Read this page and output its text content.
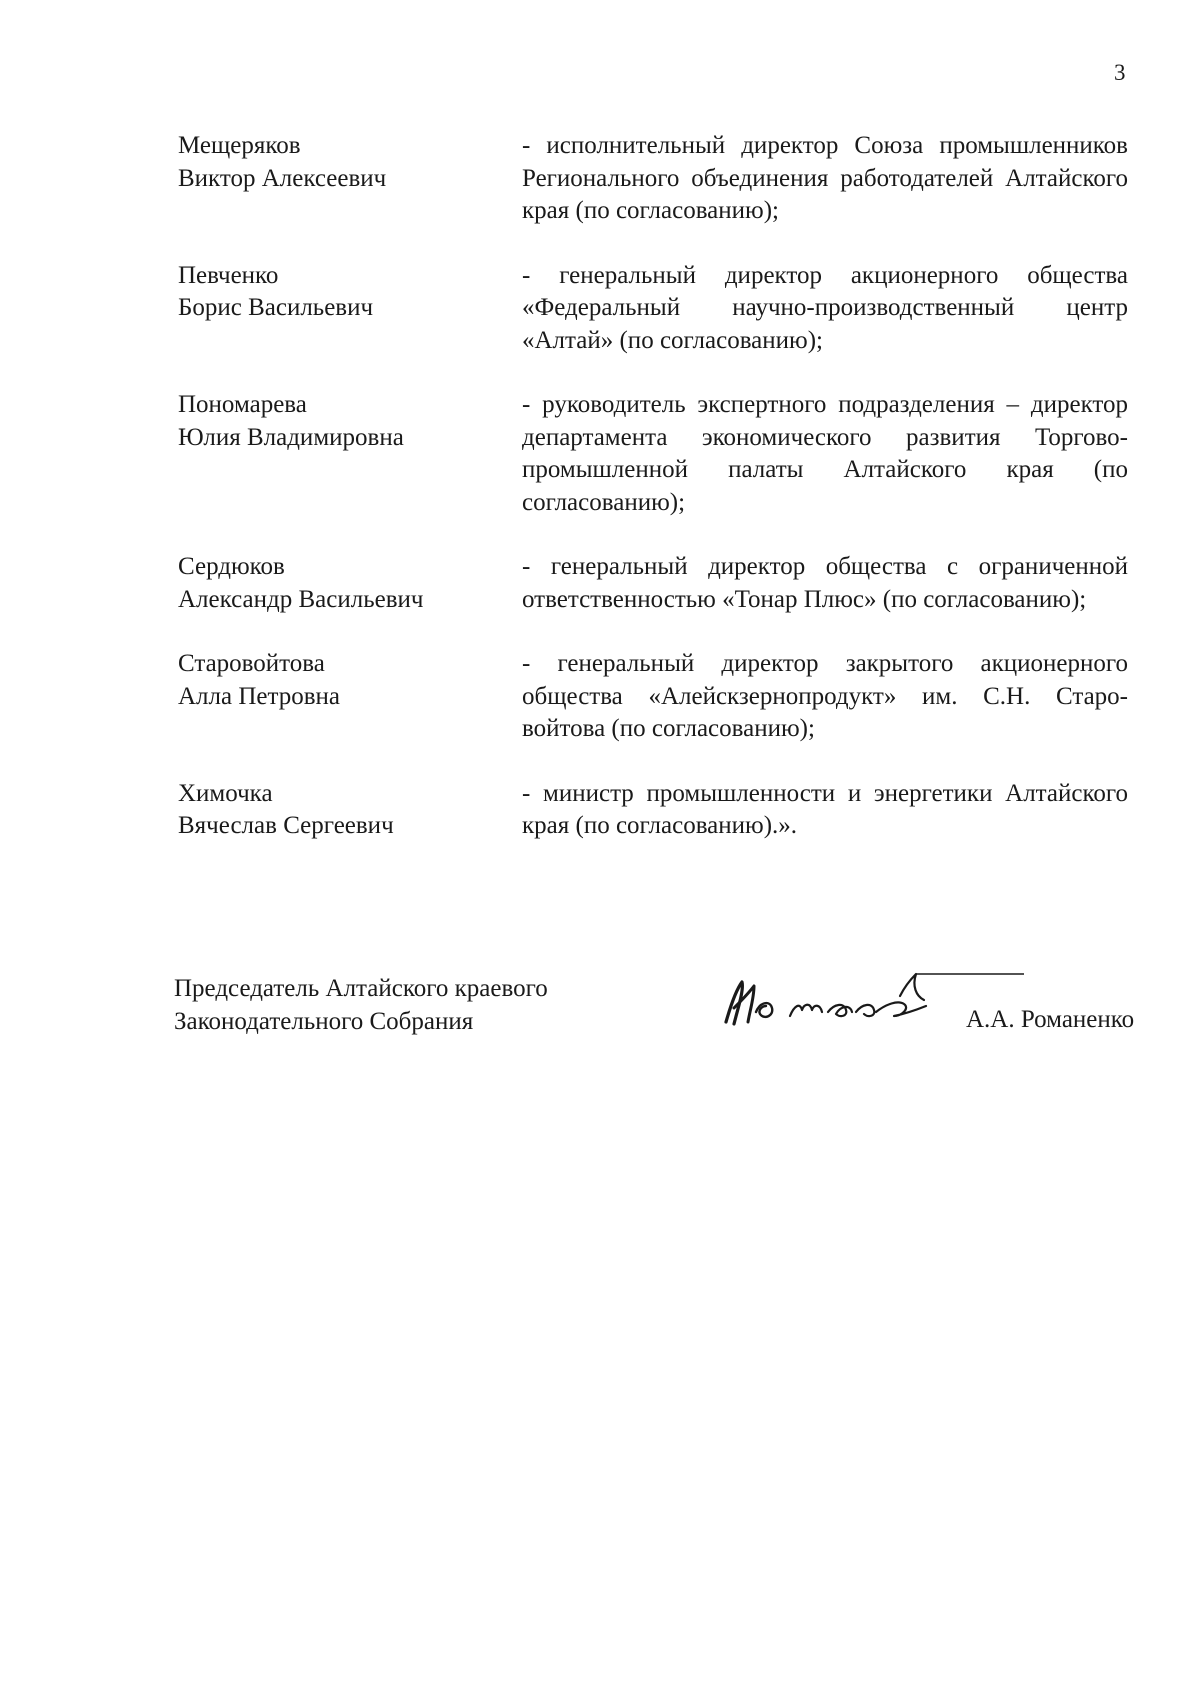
3
Мещеряков
Виктор Алексеевич
- исполнительный директор Союза промышленников Регионального объединения работодателей Алтайского края (по согласованию);
Певченко
Борис Васильевич
- генеральный директор акционерного общества «Федеральный научно-производственный центр «Алтай» (по согласованию);
Пономарева
Юлия Владимировна
- руководитель экспертного подразделения – директор департамента экономического развития Торгово-промышленной палаты Алтайского края (по согласованию);
Сердюков
Александр Васильевич
- генеральный директор общества с ограниченной ответственностью «Тонар Плюс» (по согласованию);
Старовойтова
Алла Петровна
- генеральный директор закрытого акционерного общества «Алейскзернопродукт» им. С.Н. Старо-войтова (по согласованию);
Химочка
Вячеслав Сергеевич
- министр промышленности и энергетики Алтайского края (по согласованию).».
Председатель Алтайского краевого
Законодательного Собрания	А.А. Романенко
